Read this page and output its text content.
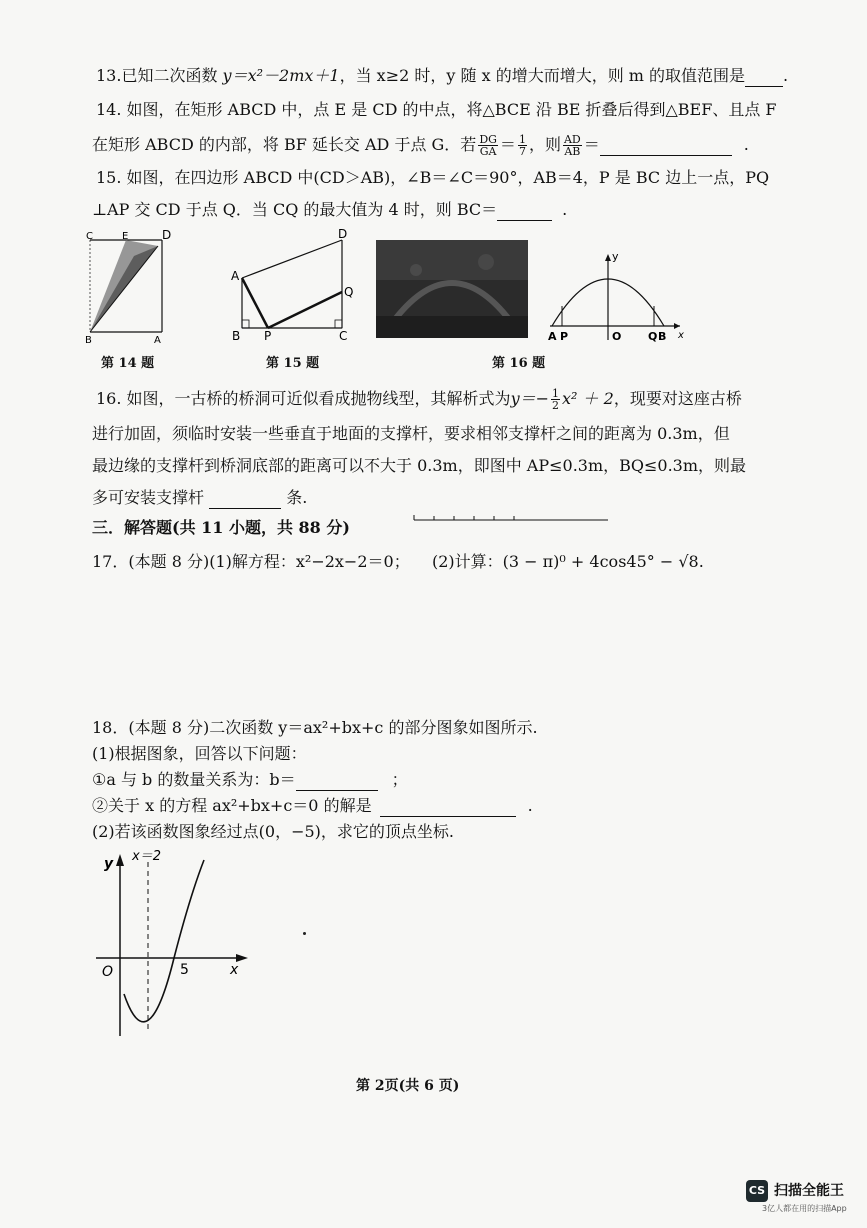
13.已知二次函数 y＝x²－2mx＋1，当 x≥2 时，y 随 x 的增大而增大，则 m 的取值范围是 .
14. 如图，在矩形 ABCD 中，点 E 是 CD 的中点，将△BCE 沿 BE 折叠后得到△BEF、且点 F
在矩形 ABCD 的内部，将 BF 延长交 AD 于点 G．若 $\frac{DG}{GA} = \frac{1}{7}$ ，则 $\frac{AD}{AB}$ ＝	.
15. 如图，在四边形 ABCD 中(CD＞AB)，∠B＝∠C＝90°，AB＝4，P 是 BC 边上一点，PQ
⊥AP 交 CD 于点 Q．当 CQ 的最大值为 4 时，则 BC＝	.
C	E	D
B	A
第 14 题
A
B	C
D
P
Q
第 15 题
y
A P	O Q B x
第 16 题
16. 如图，一古桥的桥洞可近似看成抛物线型，其解析式为$y=- \frac{1}{2} x^2 + 2$，现要对这座古桥
进行加固，须临时安装一些垂直于地面的支撑杆，要求相邻支撑杆之间的距离为 0.3m，但
最边缘的支撑杆到桥洞底部的距离可以不大于 0.3m，即图中 AP≤0.3m，BQ≤0.3m，则最
多可安装支撑杆	条.
三．解答题(共 11 小题，共 88 分)
17．(本题 8 分)(1)解方程：x²−2x−2＝0； (2)计算：(3 − π)⁰ + 4cos45° − √8.
18．(本题 8 分)二次函数 y＝ax²+bx+c 的部分图象如图所示.
(1)根据图象，回答以下问题：
①a 与 b 的数量关系为：b＝	；
②关于 x 的方程 ax²+bx+c＝0 的解是	.
(2)若该函数图象经过点(0，−5)，求它的顶点坐标.
y x＝2
O	5	x
第 2页(共 6 页)
CS 扫描全能王
3亿人都在用的扫描App
